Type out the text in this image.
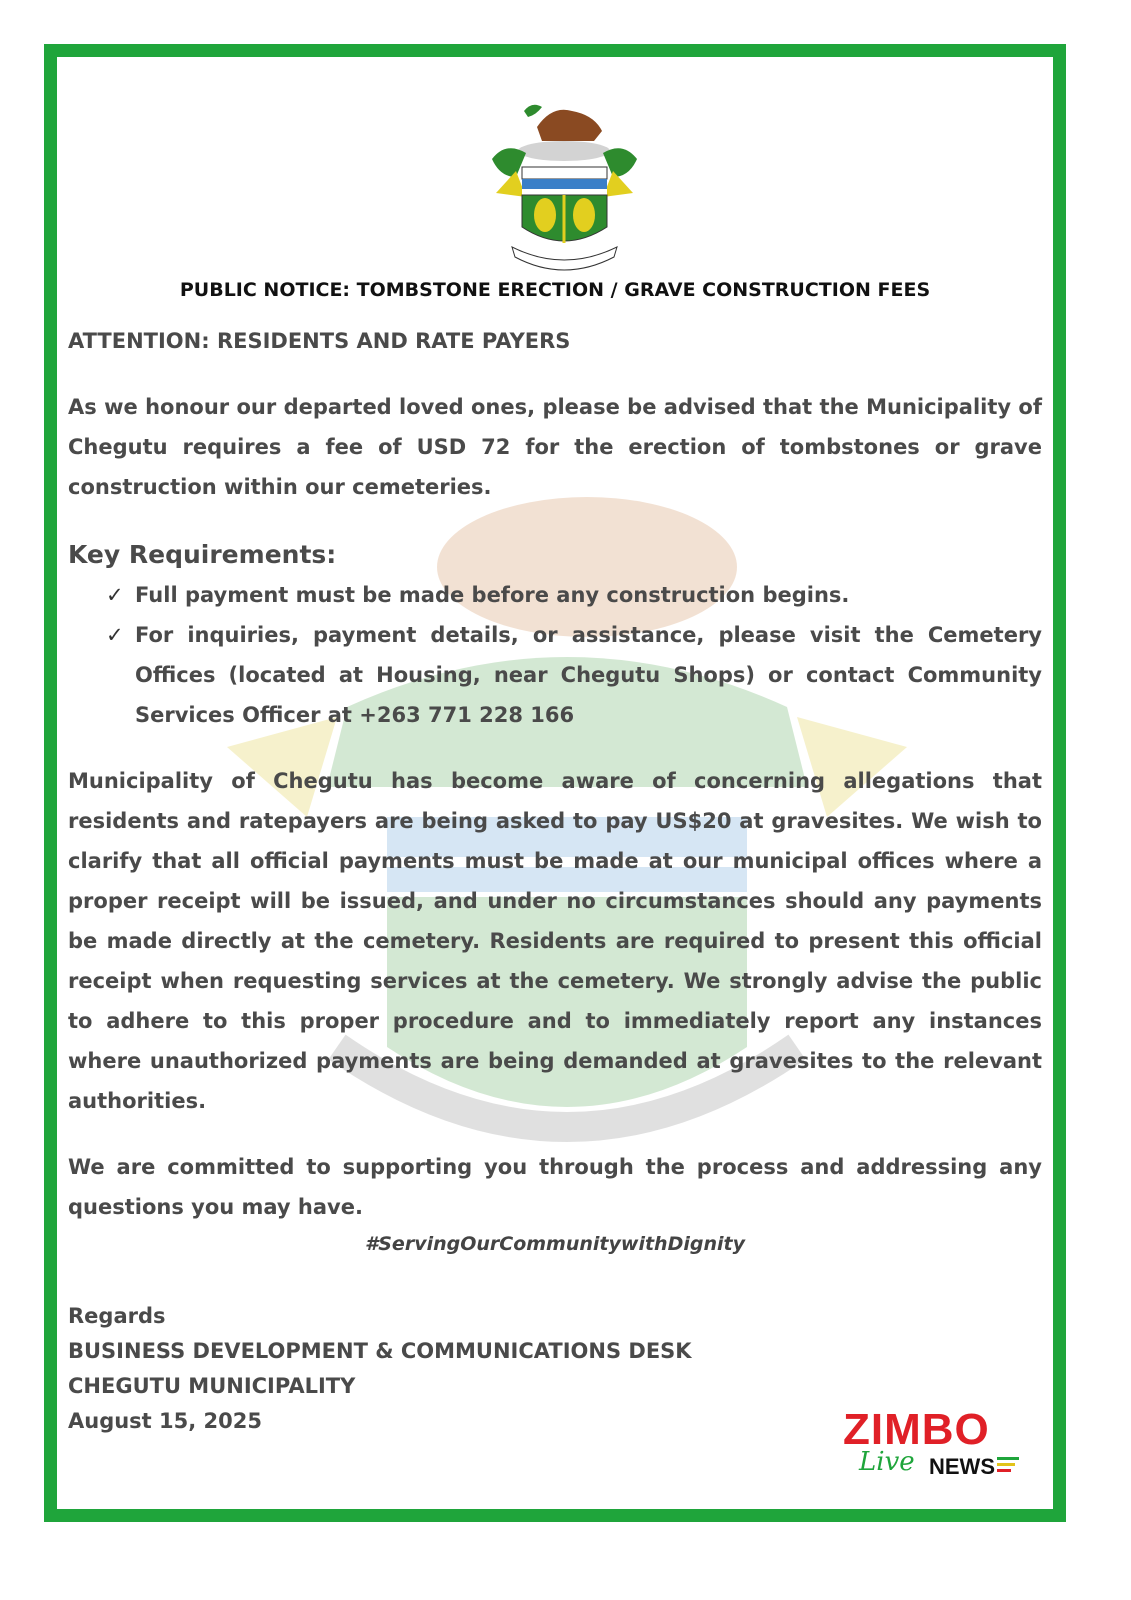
PUBLIC NOTICE: TOMBSTONE ERECTION / GRAVE CONSTRUCTION FEES
ATTENTION: RESIDENTS AND RATE PAYERS

As we honour our departed loved ones, please be advised that the Municipality of Chegutu requires a fee of USD 72 for the erection of tombstones or grave construction within our cemeteries.

Key Requirements:
✓ Full payment must be made before any construction begins.
✓ For inquiries, payment details, or assistance, please visit the Cemetery Offices (located at Housing, near Chegutu Shops) or contact Community Services Officer at +263 771 228 166

Municipality of Chegutu has become aware of concerning allegations that residents and ratepayers are being asked to pay US$20 at gravesites. We wish to clarify that all official payments must be made at our municipal offices where a proper receipt will be issued, and under no circumstances should any payments be made directly at the cemetery. Residents are required to present this official receipt when requesting services at the cemetery. We strongly advise the public to adhere to this proper procedure and to immediately report any instances where unauthorized payments are being demanded at gravesites to the relevant authorities.

We are committed to supporting you through the process and addressing any questions you may have.

#ServingOurCommunitywithDignity
Regards
BUSINESS DEVELOPMENT & COMMUNICATIONS DESK
CHEGUTU MUNICIPALITY
August 15, 2025	ZIMBO
Live NEWS
